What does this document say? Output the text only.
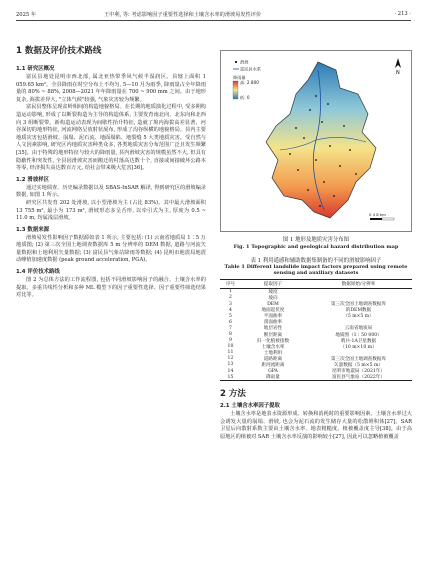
2025 年	王中利, 等: 考虑影响因子重要性选择和土壤含水率的滑坡易发性评价	· 213 ·
1 数据及评价技术路线
1.1 研究区概况

富民县地处昆明市西北部, 属北亚热带季风气候半湿润区。县辖上面积 1 059.65 km²。全县降雨在时空分布上不均匀, 5—10 月为雨季, 降雨量占全年降雨量的 80% ~ 88%, 2008—2021 年年降雨量在 700 ~ 900 mm 之间。由于地形复杂, 海拔差异大, "立体气候"较强, 气象灾害较为频繁。

富民县整体呈现盆岭相间的构造地貌格局。在长期的地质演化过程中, 受多期构造运动影响, 形成了以断裂构造为主导的构造体系, 主要发育南北向、北东向和北西向 3 组断裂带。新构造运动表现为间歇性抬升特征, 造就了境内海拔高差显著、河谷深切的地形特征, 河流网络呈放射状展布, 形成了沟谷纵横的地貌格局。县内主要地质灾害包括滑坡、崩塌、泥石流、地面塌陷、地裂缝 5 大类地质灾害。受自然与人文因素影响, 研究区内地质灾害种类众多, 各类地质灾害分布范围广泛且发生频繁[35]。由于特殊的地形特征与较大的降雨量, 县内滑坡灾害的规模虽然不大, 但具有隐蔽性和突发性, 全县因滑坡灾害而搬迁的村落高达数十个, 直接或间接破坏公路本等零, 经济损失高达数百万元, 给社会带来极大危害[36]。

1.2 滑坡样区

通过实地调查、历史编录数据以及 SBAS-InSAR 解译, 得到研究区的滑坡编录数据, 如图 1 所示。

研究区共发育 202 处滑坡, 以小型滑坡为主 (占比 83%)。其中最大滑坡面积 13 755 m², 最小为 173 m², 滑坡形态多呈舌形, 以牵引式为主, 厚度为 0.5 ~ 11.0 m, 均属浅层滑坡。

1.3 数据来源

滑坡易发性影响因子数据源如表 1 所示, 主要包括: (1) 云南省地质局 1∶5 万地质图; (2) 第三次全国土地调查数据库 5 m 分辨率的 DEM 数据, 道路与河流矢量数据和土地利用矢量数据; (3) 富民县气象站降雨等数据; (4) 昆明市地震局地震动峰值加速度数据 (peak ground acceleration, PGA)。

1.4 评价技术路线

图 2 为总体方法的工作流程图, 包括不同滑坡影响因子的融合、土壤含水率的提取、多重共线性分析和多种 ML 模型下的因子重要性选择、因子重要性筛选结果对比等。

滑坡
富民县水系
降雨量
高: 2 800
低: 0
N
0 4 8 km
图 1 地形及地质灾害分布图
Fig. 1 Topographic and geological hazard distribution map
表 1 利用遥感和辅助数据集制备的不同的滑坡影响因子
Table 1 Different landslide impact factors prepared using remote sensing and auxiliary datasets
序号	提取因子	数据原始/分辨率
1	坡度	
2	坡向	
3	DEM	第三次全国土地调查数据库
4	地面起伏度	的DEM数据
5	平面曲率	（5 m×5 m）
6	剖面曲率	
7	地层岩性	云南省地质局
8	断层距离	地质图（1∶50 000）
9	归一化植被指数	哨兵-1A卫星数据
10	土壤含水率	（10 m×10 m）
11	土地利用	
12	道路距离	第三次全国土地调查数据库
13	距河流距离	矢量数据（5 m×5 m）
14	GPA	昆明市地震局（2021年）
15	降雨量	富民县气象站（2022年）
2 方法
2.1 土壤含水率因子提取

土壤含水率是地表水资源形成、转换和消耗时的重要影响因素。土壤含水率过大会诱发大量的崩塌、滑坡, 也会为泥石流的发生储存大量的松散堆积体[27]。SAR 卫星后向散射系数主要由土壤含水率、地表粗糙度、植被覆盖度主导[38]。由于高原地区的植被对 SAR 土壤含水率反演的影响较小[27], 因此可以忽略植被覆盖
